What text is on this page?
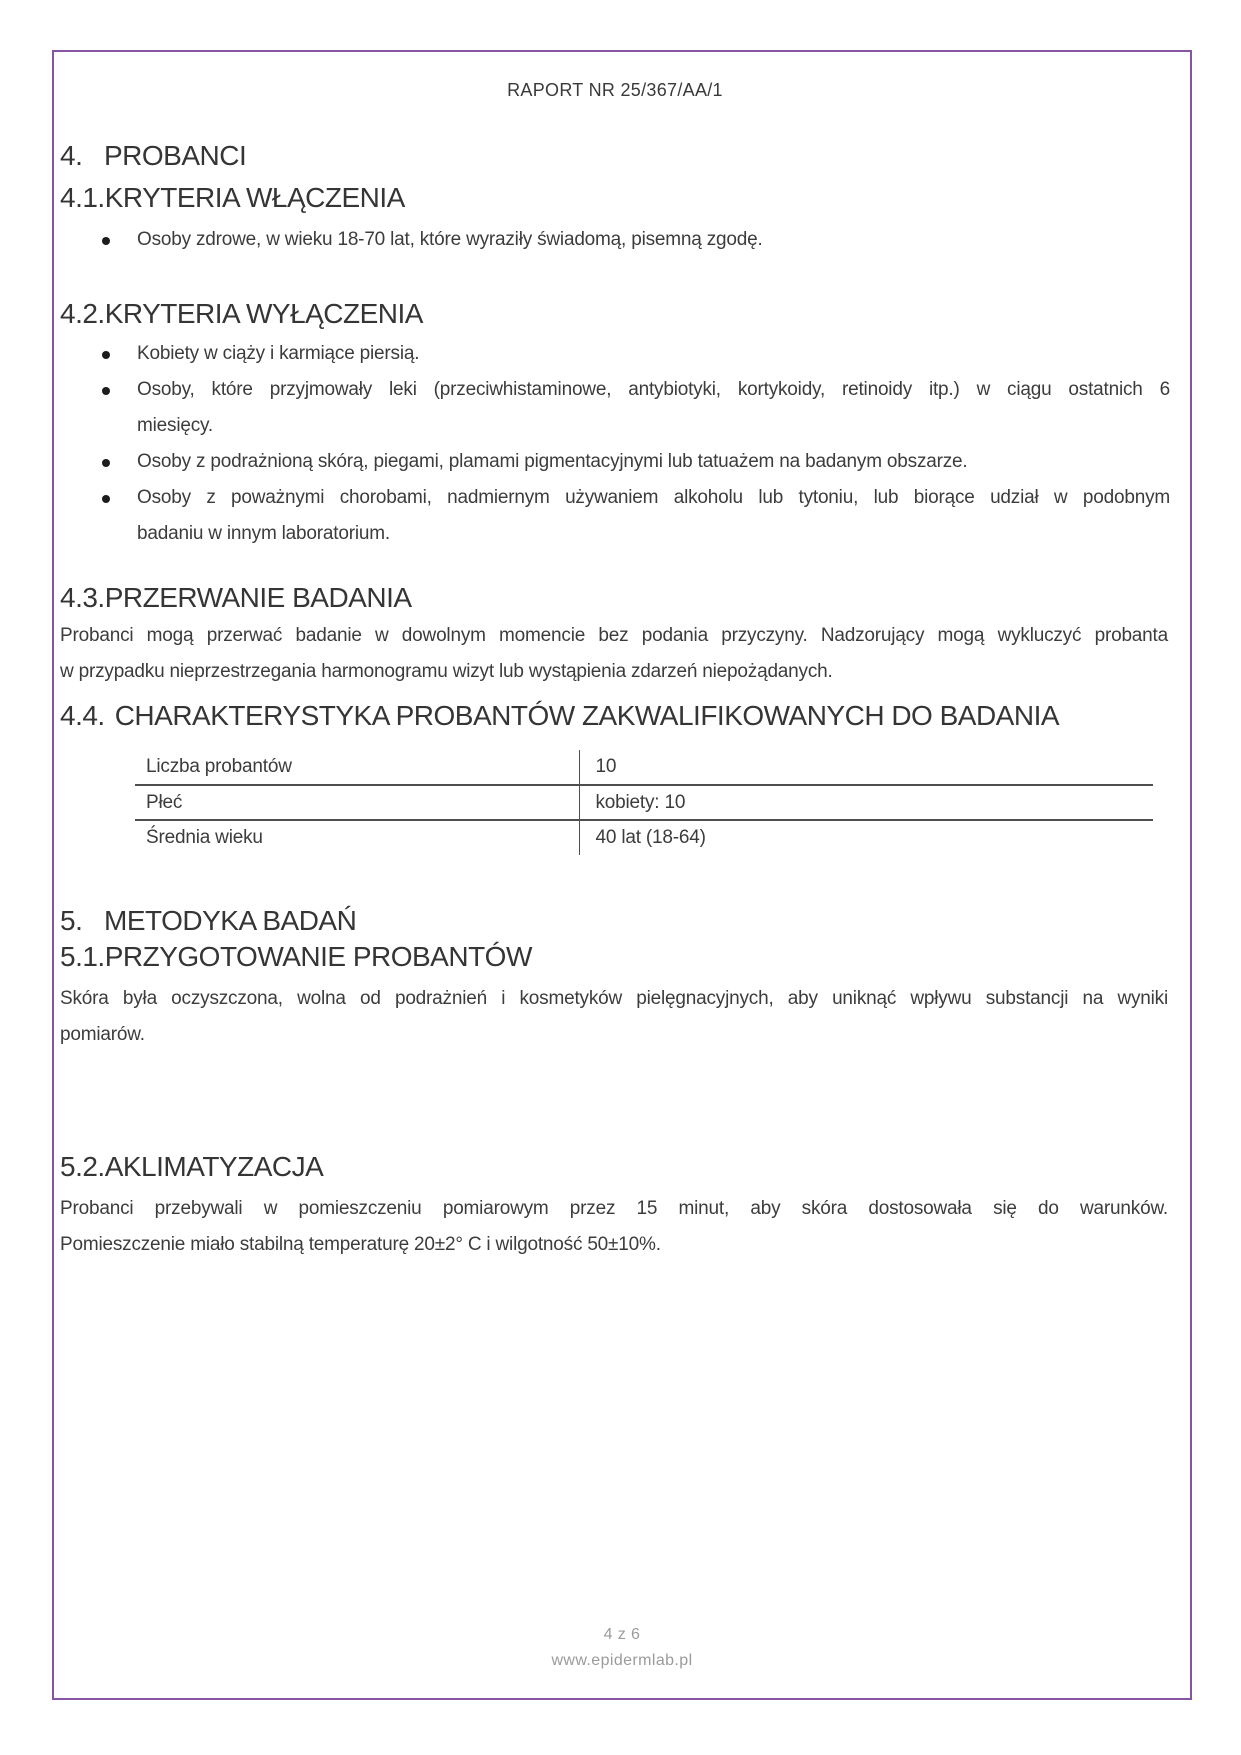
RAPORT NR 25/367/AA/1
4. PROBANCI
4.1.KRYTERIA WŁĄCZENIA
Osoby zdrowe, w wieku 18-70 lat, które wyraziły świadomą, pisemną zgodę.
4.2.KRYTERIA WYŁĄCZENIA
Kobiety w ciąży i karmiące piersią.
Osoby, które przyjmowały leki (przeciwhistaminowe, antybiotyki, kortykoidy, retinoidy itp.) w ciągu ostatnich 6
miesięcy.
Osoby z podrażnioną skórą, piegami, plamami pigmentacyjnymi lub tatuażem na badanym obszarze.
Osoby z poważnymi chorobami, nadmiernym używaniem alkoholu lub tytoniu, lub biorące udział w podobnym
badaniu w innym laboratorium.
4.3.PRZERWANIE BADANIA
Probanci mogą przerwać badanie w dowolnym momencie bez podania przyczyny. Nadzorujący mogą wykluczyć probanta
w przypadku nieprzestrzegania harmonogramu wizyt lub wystąpienia zdarzeń niepożądanych.
4.4. CHARAKTERYSTYKA PROBANTÓW ZAKWALIFIKOWANYCH DO BADANIA
Liczba probantów	10
Płeć	kobiety: 10
Średnia wieku	40 lat (18-64)
5. METODYKA BADAŃ
5.1.PRZYGOTOWANIE PROBANTÓW
Skóra była oczyszczona, wolna od podrażnień i kosmetyków pielęgnacyjnych, aby uniknąć wpływu substancji na wyniki
pomiarów.
5.2.AKLIMATYZACJA
Probanci przebywali w pomieszczeniu pomiarowym przez 15 minut, aby skóra dostosowała się do warunków.
Pomieszczenie miało stabilną temperaturę 20±2° C i wilgotność 50±10%.
4 z 6
www.epidermlab.pl
